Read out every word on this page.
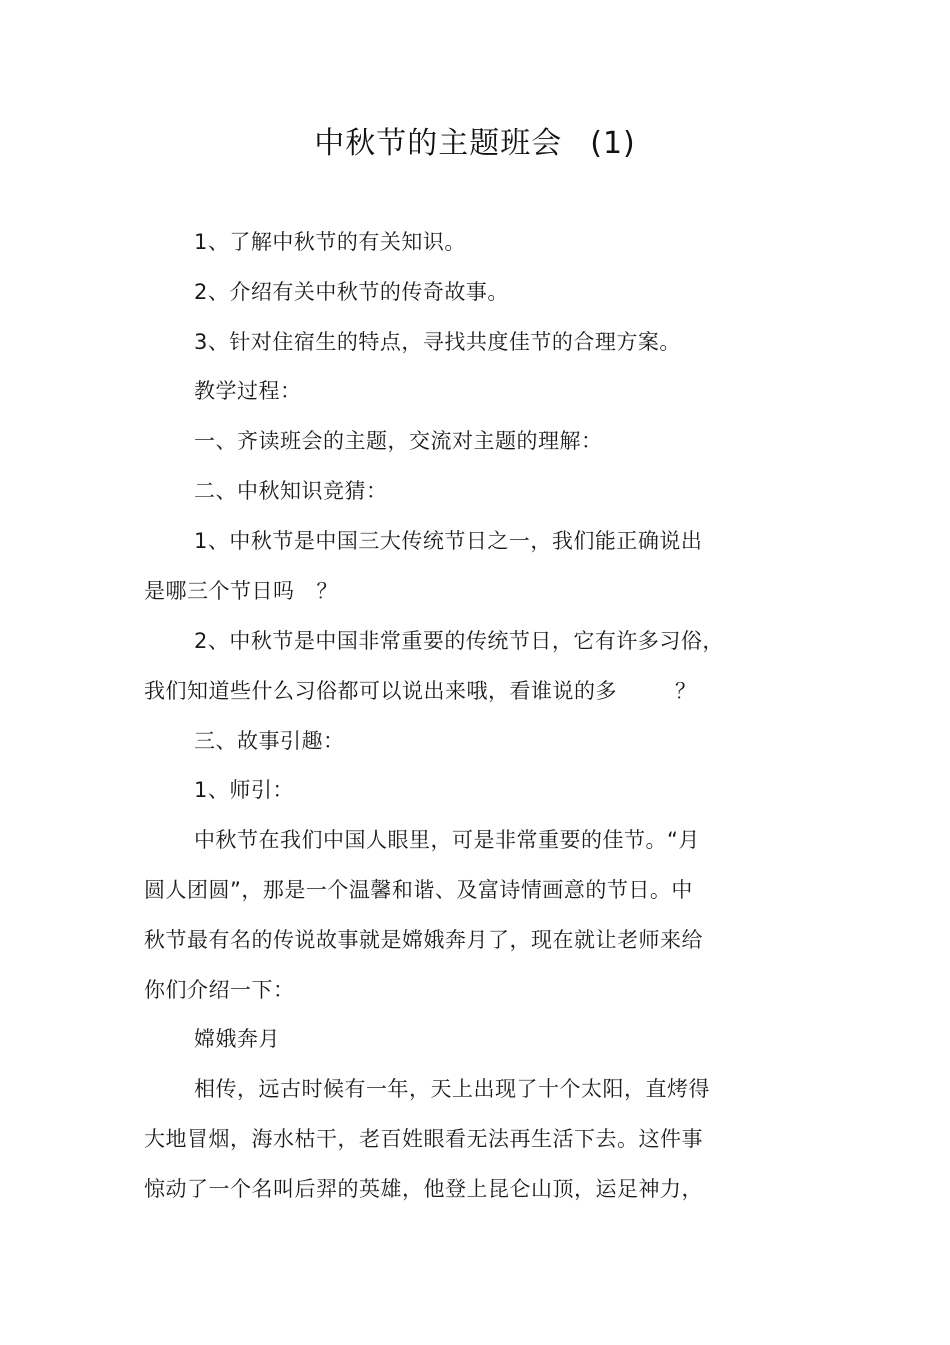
中秋节的主题班会 (1)
1、了解中秋节的有关知识。
2、介绍有关中秋节的传奇故事。
3、针对住宿生的特点，寻找共度佳节的合理方案。
教学过程：
一、齐读班会的主题，交流对主题的理解：
二、中秋知识竞猜：
1、中秋节是中国三大传统节日之一，我们能正确说出
是哪三个节日吗 ？
2、中秋节是中国非常重要的传统节日，它有许多习俗，
我们知道些什么习俗都可以说出来哦，看谁说的多	？
三、故事引趣：
1、师引：
中秋节在我们中国人眼里，可是非常重要的佳节。“月
圆人团圆”，那是一个温馨和谐、及富诗情画意的节日。中
秋节最有名的传说故事就是嫦娥奔月了，现在就让老师来给
你们介绍一下：
嫦娥奔月
相传，远古时候有一年，天上出现了十个太阳，直烤得
大地冒烟，海水枯干，老百姓眼看无法再生活下去。这件事
惊动了一个名叫后羿的英雄，他登上昆仑山顶，运足神力，
